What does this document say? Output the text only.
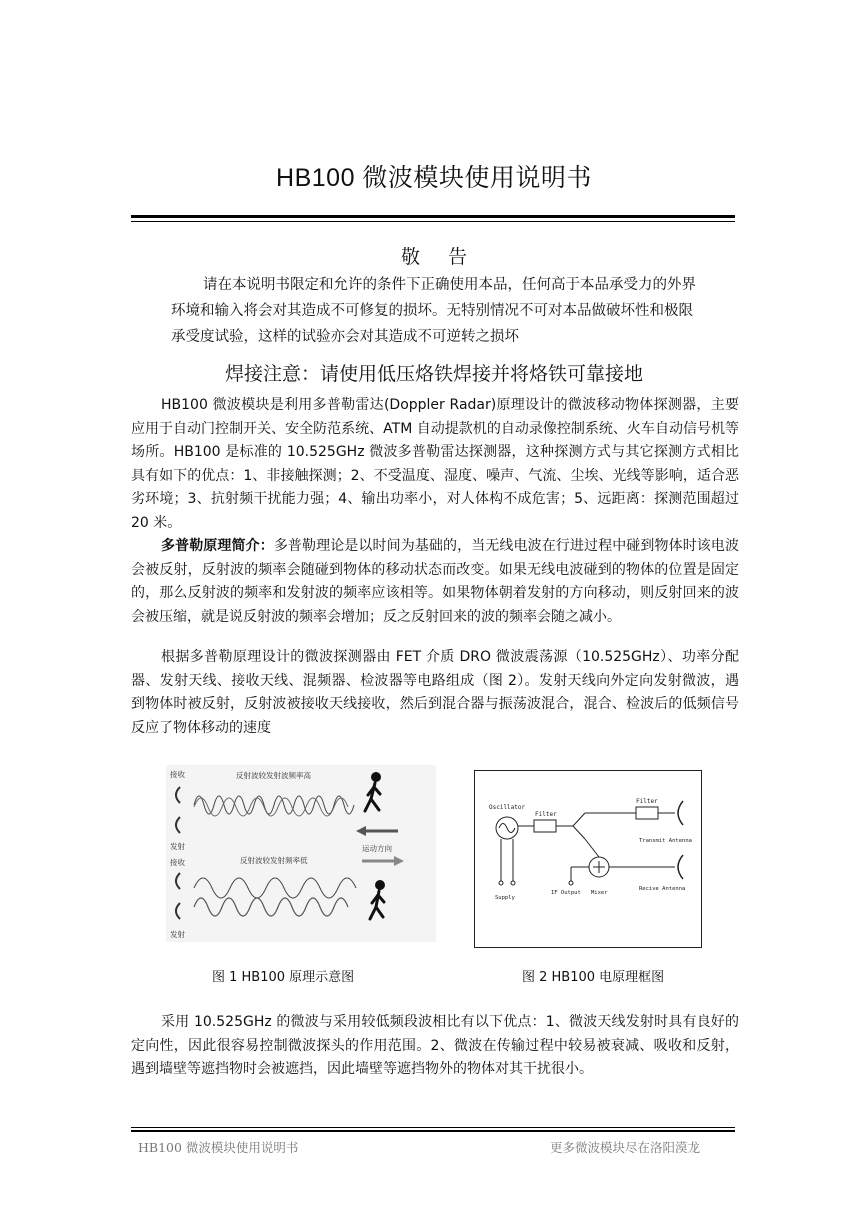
HB100 微波模块使用说明书
敬告
请在本说明书限定和允许的条件下正确使用本品，任何高于本品承受力的外界环境和输入将会对其造成不可修复的损坏。无特别情况不可对本品做破坏性和极限承受度试验，这样的试验亦会对其造成不可逆转之损坏
焊接注意：请使用低压烙铁焊接并将烙铁可靠接地
HB100 微波模块是利用多普勒雷达(Doppler Radar)原理设计的微波移动物体探测器，主要应用于自动门控制开关、安全防范系统、ATM 自动提款机的自动录像控制系统、火车自动信号机等场所。HB100 是标准的 10.525GHz 微波多普勒雷达探测器，这种探测方式与其它探测方式相比具有如下的优点：1、非接触探测；2、不受温度、湿度、噪声、气流、尘埃、光线等影响，适合恶劣环境；3、抗射频干扰能力强；4、输出功率小，对人体构不成危害；5、远距离：探测范围超过 20 米。
多普勒原理简介：多普勒理论是以时间为基础的，当无线电波在行进过程中碰到物体时该电波会被反射，反射波的频率会随碰到物体的移动状态而改变。如果无线电波碰到的物体的位置是固定的，那么反射波的频率和发射波的频率应该相等。如果物体朝着发射的方向移动，则反射回来的波会被压缩，就是说反射波的频率会增加；反之反射回来的波的频率会随之减小。
根据多普勒原理设计的微波探测器由 FET 介质 DRO 微波震荡源（10.525GHz）、功率分配器、发射天线、接收天线、混频器、检波器等电路组成（图 2）。发射天线向外定向发射微波，遇到物体时被反射，反射波被接收天线接收，然后到混合器与振荡波混合，混合、检波后的低频信号反应了物体移动的速度
接收
发射
反射波较发射波频率高
接收
发射
反射波较发射频率低
运动方向
Oscillator
Filter
Filter
Transmit Antenna
Recive Antenna
IF Output Mixer
Supply
图 1 HB100 原理示意图	图 2 HB100 电原理框图
采用 10.525GHz 的微波与采用较低频段波相比有以下优点：1、微波天线发射时具有良好的定向性，因此很容易控制微波探头的作用范围。2、微波在传输过程中较易被衰减、吸收和反射，遇到墙壁等遮挡物时会被遮挡，因此墙壁等遮挡物外的物体对其干扰很小。
HB100 微波模块使用说明书	更多微波模块尽在洛阳漠龙
